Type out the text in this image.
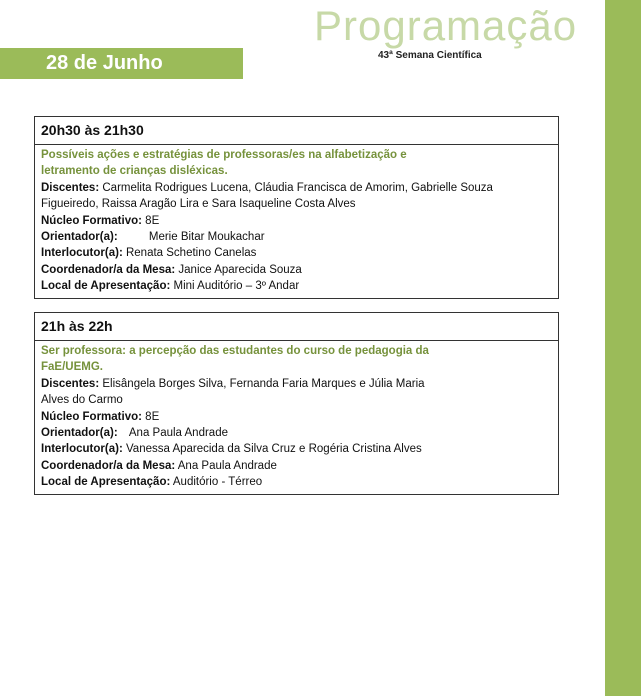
Programação
43ª Semana Científica
28 de Junho
20h30 às 21h30
Possíveis ações e estratégias de professoras/es na alfabetização e letramento de crianças disléxicas.
Discentes: Carmelita Rodrigues Lucena, Cláudia Francisca de Amorim, Gabrielle Souza Figueiredo, Raissa Aragão Lira e Sara Isaqueline Costa Alves
Núcleo Formativo: 8E
Orientador(a):	Merie Bitar Moukachar
Interlocutor(a): Renata Schetino Canelas
Coordenador/a da Mesa: Janice Aparecida Souza
Local de Apresentação: Mini Auditório – 3º Andar
21h às 22h
Ser professora: a percepção das estudantes do curso de pedagogia da FaE/UEMG.
Discentes: Elisângela Borges Silva, Fernanda Faria Marques e Júlia Maria Alves do Carmo
Núcleo Formativo: 8E
Orientador(a): Ana Paula Andrade
Interlocutor(a): Vanessa Aparecida da Silva Cruz e Rogéria Cristina Alves
Coordenador/a da Mesa: Ana Paula Andrade
Local de Apresentação: Auditório - Térreo
